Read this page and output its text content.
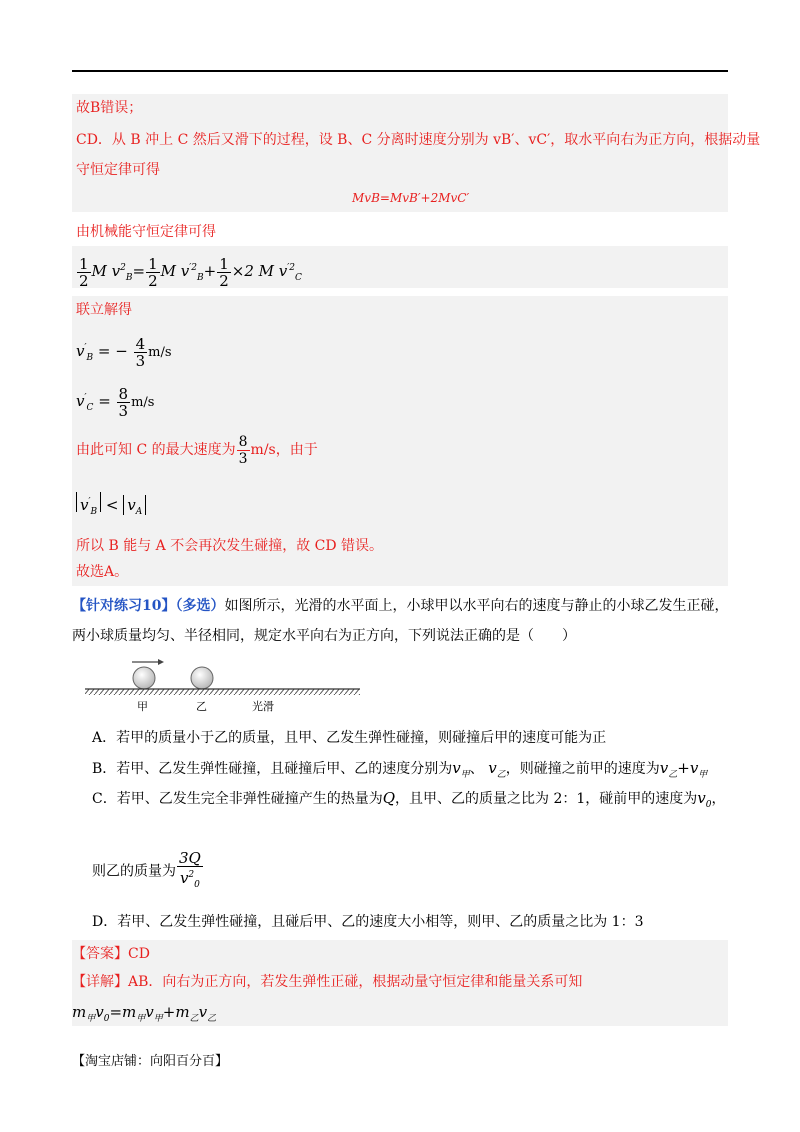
故B错误；
CD．从 B 冲上 C 然后又滑下的过程，设 B、C 分离时速度分别为 vB′、vC′，取水平向右为正方向，根据动量
守恒定律可得
MvB=MvB′+2MvC′
由机械能守恒定律可得
$\frac{1}{2}$ M $v^2_B= \frac{1}{2}$ M $v^{'2}_B+ \frac{1}{2} \times 2$ M $v^{'2}_C$
联立解得
$v'_B$ = − $\frac{4}{3} m/s$
$v'_C = \frac{8}{3} m/s$
由此可知 C 的最大速度为 $\frac{8}{3} m/s$，由于
$v'_B < v_A$
所以 B 能与 A 不会再次发生碰撞，故 CD 错误。
故选A。
【针对练习10】（多选）如图所示，光滑的水平面上，小球甲以水平向右的速度与静止的小球乙发生正碰，
两小球质量均匀、半径相同，规定水平向右为正方向，下列说法正确的是（　　）
甲	乙	光滑
A．若甲的质量小于乙的质量，且甲、乙发生弹性碰撞，则碰撞后甲的速度可能为正
B．若甲、乙发生弹性碰撞，且碰撞后甲、乙的速度分别为$v_甲$、 $v_乙$，则碰撞之前甲的速度为$v_乙+v_甲$
C．若甲、乙发生完全非弹性碰撞产生的热量为Q，且甲、乙的质量之比为 2：1，碰前甲的速度为$v_0$，
则乙的质量为 $\frac{3Q}{v^2_0}$
D．若甲、乙发生弹性碰撞，且碰后甲、乙的速度大小相等，则甲、乙的质量之比为 1：3
【答案】CD
【详解】AB．向右为正方向，若发生弹性正碰，根据动量守恒定律和能量关系可知
$m_甲v_0=m_甲v_甲+m_乙v_乙$
【淘宝店铺：向阳百分百】
